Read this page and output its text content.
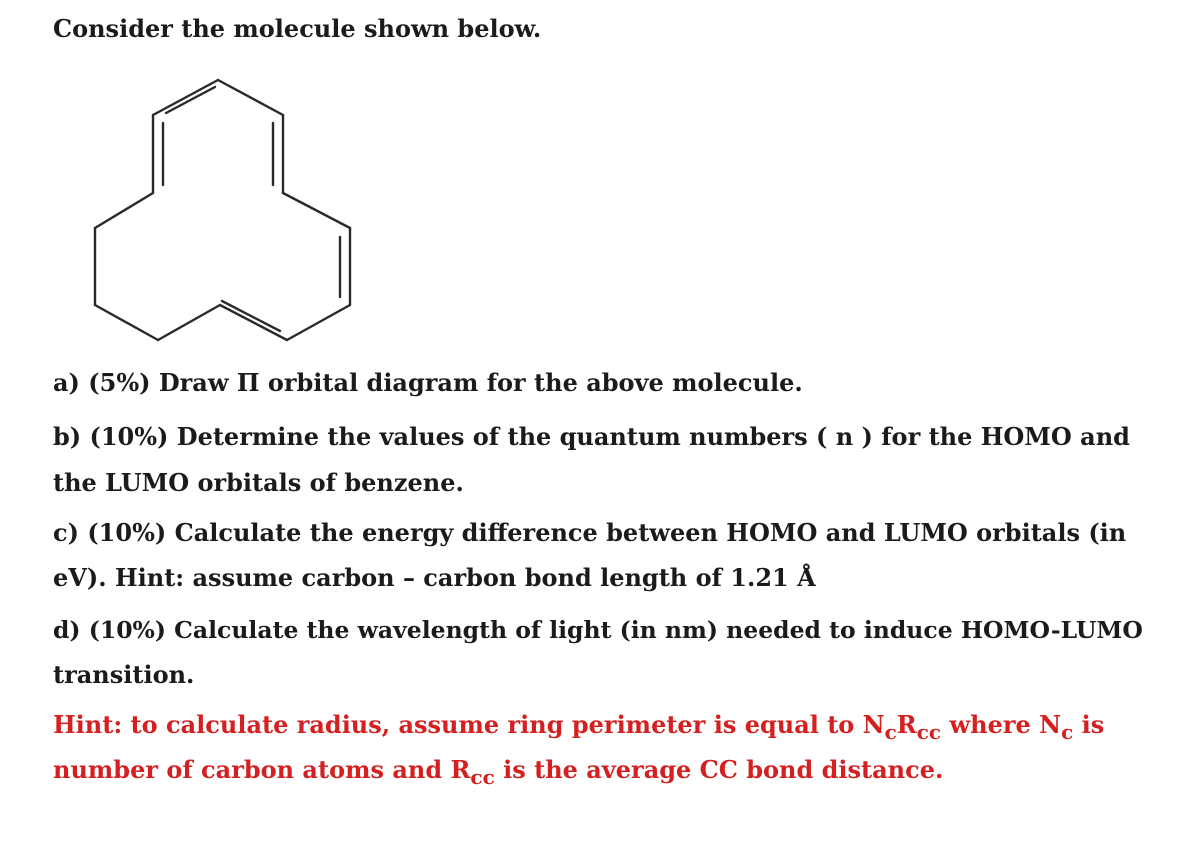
Consider the molecule shown below.

a) (5%) Draw Π orbital diagram for the above molecule.

b) (10%) Determine the values of the quantum numbers ( n ) for the HOMO and

the LUMO orbitals of benzene.

c) (10%) Calculate the energy difference between HOMO and LUMO orbitals (in

eV). Hint: assume carbon – carbon bond length of 1.21 Å

d) (10%) Calculate the wavelength of light (in nm) needed to induce HOMO-LUMO

transition.

Hint: to calculate radius, assume ring perimeter is equal to $N_cR_{cc}$ where $N_c$ is

number of carbon atoms and $R_{cc}$ is the average CC bond distance.
